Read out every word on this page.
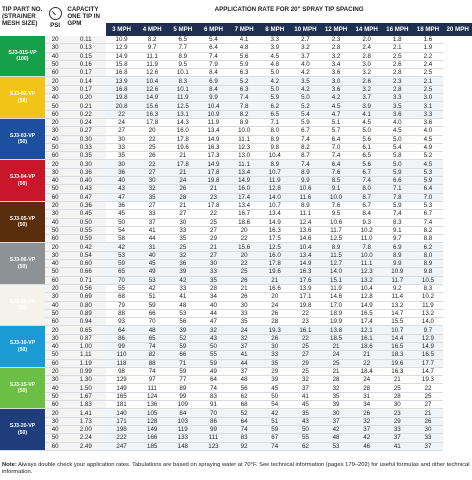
TIP PART NO. (STRAINER MESH SIZE)	PSI	CAPACITY ONE TIP IN GPM	APPLICATION RATE FOR 20" SPRAY TIP SPACING											
			3 MPH	4 MPH	5 MPH	6 MPH	7 MPH	8 MPH	10 MPH	12 MPH	14 MPH	16 MPH	18 MPH	20 MPH

SJ3-015-VP
(100)	20	0.11	10.9	8.2	6.5	5.4	4.1	3.3	2.7	2.3	2.0	1.8	1.6	
	30	0.13	12.9	9.7	7.7	6.4	4.8	3.9	3.2	2.8	2.4	2.1	1.9	
	40	0.15	14.9	11.1	8.9	7.4	5.6	4.5	3.7	3.2	2.8	2.5	2.2	
	50	0.16	15.8	11.9	9.5	7.9	5.9	4.8	4.0	3.4	3.0	2.6	2.4	
	60	0.17	16.8	12.6	10.1	8.4	6.3	5.0	4.2	3.6	3.2	2.8	2.5	

SJ3-02-VP
(50)	20	0.14	13.9	10.4	8.3	6.9	5.2	4.2	3.5	3.0	2.6	2.3	2.1	
	30	0.17	16.8	12.6	10.1	8.4	6.3	5.0	4.2	3.6	3.2	2.8	2.5	
	40	0.20	19.8	14.9	11.9	9.9	7.4	5.9	5.0	4.2	3.7	3.3	3.0	
	50	0.21	20.8	15.6	12.5	10.4	7.8	6.2	5.2	4.5	3.9	3.5	3.1	
	60	0.22	22	16.3	13.1	10.9	8.2	6.5	5.4	4.7	4.1	3.6	3.3	

SJ3-03-VP
(50)	20	0.24	24	17.8	14.3	11.9	8.9	7.1	5.9	5.1	4.5	4.0	3.6	
	30	0.27	27	20	16.0	13.4	10.0	8.0	6.7	5.7	5.0	4.5	4.0	
	40	0.30	30	22	17.8	14.9	11.1	8.9	7.4	6.4	5.6	5.0	4.5	
	50	0.33	33	25	19.6	16.3	12.3	9.8	8.2	7.0	6.1	5.4	4.9	
	60	0.35	35	26	21	17.3	13.0	10.4	8.7	7.4	6.5	5.8	5.2	

SJ3-04-VP
(50)	20	0.30	30	22	17.8	14.9	11.1	8.9	7.4	6.4	5.6	5.0	4.5	
	30	0.36	36	27	21	17.8	13.4	10.7	8.9	7.6	6.7	5.9	5.3	
	40	0.40	40	30	24	19.8	14.9	11.9	9.9	8.5	7.4	6.6	5.9	
	50	0.43	43	32	26	21	16.0	12.8	10.6	9.1	8.0	7.1	6.4	
	60	0.47	47	35	28	23	17.4	14.0	11.6	10.0	8.7	7.8	7.0	

SJ3-05-VP
(50)	20	0.36	36	27	21	17.8	13.4	10.7	8.9	7.6	6.7	5.9	5.3	
	30	0.45	45	33	27	22	16.7	13.4	11.1	9.5	8.4	7.4	6.7	
	40	0.50	50	37	30	25	18.6	14.9	12.4	10.6	9.3	8.3	7.4	
	50	0.55	54	41	33	27	20	16.3	13.6	11.7	10.2	9.1	8.2	
	60	0.59	58	44	35	29	22	17.5	14.6	12.5	11.0	9.7	8.8	

SJ3-06-VP
(50)	20	0.42	42	31	25	21	15.6	12.5	10.4	8.9	7.8	6.9	6.2	
	30	0.54	53	40	32	27	20	16.0	13.4	11.5	10.0	8.9	8.0	
	40	0.60	59	45	36	30	22	17.8	14.9	12.7	11.1	9.9	8.9	
	50	0.66	65	49	39	33	25	19.6	16.3	14.0	12.3	10.9	9.8	
	60	0.71	70	53	42	35	26	21	17.6	15.1	13.2	11.7	10.5	

SJ3-08-VP
(50)	20	0.56	55	42	33	28	21	16.6	13.9	11.9	10.4	9.2	8.3	
	30	0.69	68	51	41	34	26	20	17.1	14.6	12.8	11.4	10.2	
	40	0.80	79	59	48	40	30	24	19.8	17.0	14.9	13.2	11.9	
	50	0.89	88	66	53	44	33	26	22	18.9	16.5	14.7	13.2	
	60	0.94	93	70	56	47	35	28	23	19.9	17.4	15.5	14.0	

SJ3-10-VP
(50)	20	0.65	64	48	39	32	24	19.3	16.1	13.8	12.1	10.7	9.7	
	30	0.87	86	65	52	43	32	26	22	18.5	16.1	14.4	12.9	
	40	1.00	99	74	59	50	37	30	25	21	18.6	16.5	14.9	
	50	1.11	110	82	66	55	41	33	27	24	21	18.3	16.5	
	60	1.19	118	88	71	59	44	35	29	25	22	19.6	17.7	

SJ3-15-VP
(50)	20	0.99	98	74	59	49	37	29	25	21	18.4	16.3	14.7	
	30	1.30	129	97	77	64	48	39	32	28	24	21	19.3	
	40	1.50	149	111	89	74	56	45	37	32	28	25	22	
	50	1.67	165	124	99	83	62	50	41	35	31	28	25	
	60	1.83	181	136	109	91	68	54	45	39	34	30	27	

SJ3-20-VP
(50)	20	1.41	140	105	84	70	52	42	35	30	26	23	21	
	30	1.73	171	128	103	86	64	51	43	37	32	29	26	
	40	2.00	198	149	119	99	74	59	50	42	37	33	30	
	50	2.24	222	166	133	111	83	67	55	48	42	37	33	
	60	2.49	247	185	148	123	92	74	62	53	46	41	37	
Note: Always double check your application rates. Tabulations are based on spraying water at 70°F. See technical information (pages 179–202) for useful formulas and other technical information.
